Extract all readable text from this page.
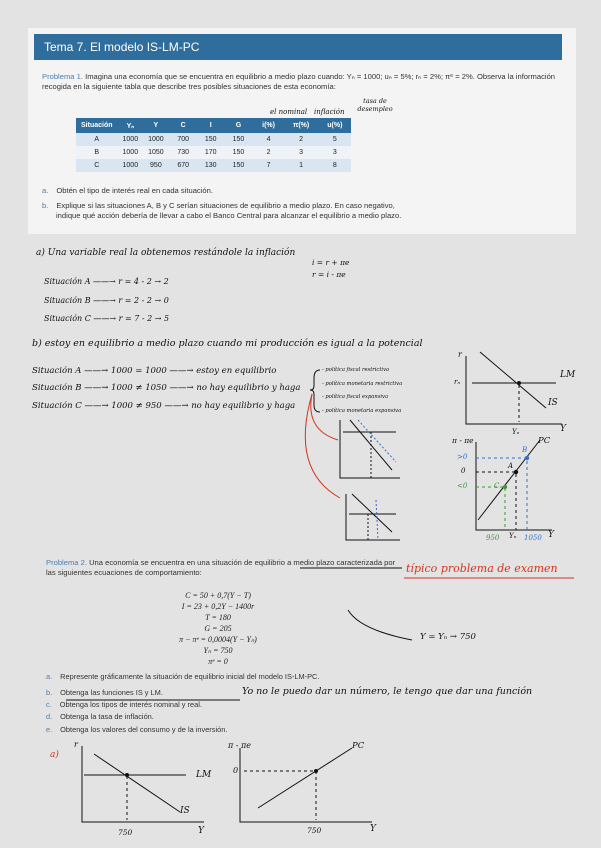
Tema 7. El modelo IS-LM-PC
Problema 1. Imagina una economía que se encuentra en equilibrio a medio plazo cuando: Yₙ = 1000; uₙ = 5%; rₙ = 2%; πᵉ = 2%. Observa la información recogida en la siguiente tabla que describe tres posibles situaciones de esta economía:
el nominal inflación
tasa de desempleo
Situación	Yₙ	Y	C	I	G	i(%)	π(%)	u(%)
A	1000	1000	700	150	150	4	2	5
B	1000	1050	730	170	150	2	3	3
C	1000	950	670	130	150	7	1	8
a. Obtén el tipo de interés real en cada situación.
b. Explique si las situaciones A, B y C serían situaciones de equilibrio a medio plazo. En caso negativo, indique qué acción debería de llevar a cabo el Banco Central para alcanzar el equilibrio a medio plazo.
a) Una variable real la obtenemos restándole la inflación
i = r + πe
r = i - πe
Situación A ——→ r = 4 - 2 → 2
Situación B ——→ r = 2 - 2 → 0
Situación C ——→ r = 7 - 2 → 5
b) estoy en equilibrio a medio plazo cuando mi producción es igual a la potencial
Situación A ——→ 1000 = 1000 ——→ estoy en equilibrio
Situación B ——→ 1000 ≠ 1050 ——→ no hay equilibrio y haga
Situación C ——→ 1000 ≠ 950 ——→ no hay equilibrio y haga
- política fiscal restrictiva
- política monetaria restrictiva
- política fiscal expansiva
- política monetaria expansiva
r
rₙ
LM
IS
Yₙ	Y
π - πe
>0
0
<0
PC
B
A
C
950 Yₙ 1050 Y
Problema 2. Una economía se encuentra en una situación de equilibrio a medio plazo caracterizada por las siguientes ecuaciones de comportamiento:	típico problema de examen
C = 50 + 0,7(Y − T)
I = 23 + 0,2Y − 1400r
T = 180
G = 205
π − πᵉ = 0,0004(Y − Yₙ)
Yₙ = 750
πᵉ = 0
Y = Yₙ → 750
a. Represente gráficamente la situación de equilibrio inicial del modelo IS-LM-PC.
b. Obtenga las funciones IS y LM.
c. Obtenga los tipos de interés nominal y real.
d. Obtenga la tasa de inflación.
e. Obtenga los valores del consumo y de la inversión.
Yo no le puedo dar un número, le tengo que dar una función
a)
r
LM
IS
750	Y
π - πe
0
PC
750	Y
